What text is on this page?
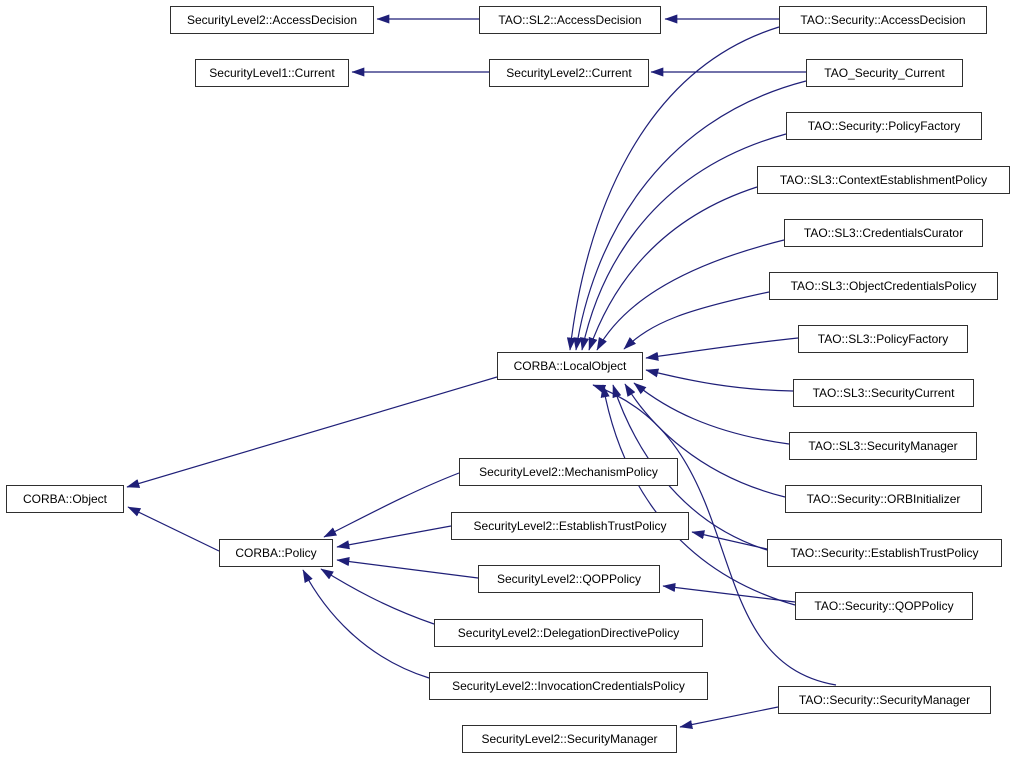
SecurityLevel2::AccessDecision	TAO::SL2::AccessDecision	TAO::Security::AccessDecision
SecurityLevel1::Current	SecurityLevel2::Current	TAO_Security_Current
TAO::Security::PolicyFactory
TAO::SL3::ContextEstablishmentPolicy
TAO::SL3::CredentialsCurator
TAO::SL3::ObjectCredentialsPolicy
TAO::SL3::PolicyFactory
TAO::SL3::SecurityCurrent
TAO::SL3::SecurityManager
TAO::Security::ORBInitializer
TAO::Security::EstablishTrustPolicy
TAO::Security::QOPPolicy
TAO::Security::SecurityManager
CORBA::LocalObject
CORBA::Object
CORBA::Policy
SecurityLevel2::MechanismPolicy
SecurityLevel2::EstablishTrustPolicy
SecurityLevel2::QOPPolicy
SecurityLevel2::DelegationDirectivePolicy
SecurityLevel2::InvocationCredentialsPolicy
SecurityLevel2::SecurityManager
